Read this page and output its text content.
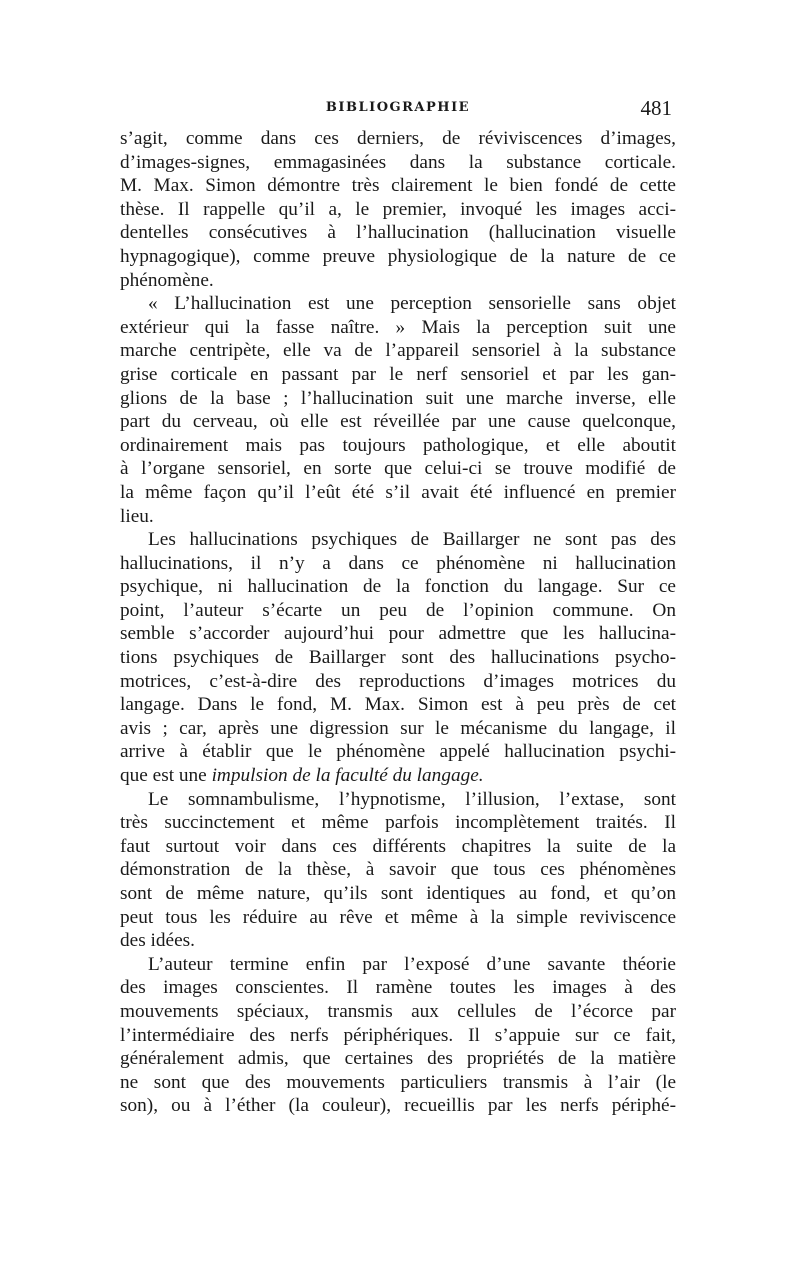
BIBLIOGRAPHIE	481
s’agit, comme dans ces derniers, de réviviscences d’images,
d’images-signes, emmagasinées dans la substance corticale.
M. Max. Simon démontre très clairement le bien fondé de cette
thèse. Il rappelle qu’il a, le premier, invoqué les images acci-
dentelles consécutives à l’hallucination (hallucination visuelle
hypnagogique), comme preuve physiologique de la nature de ce
phénomène.
« L’hallucination est une perception sensorielle sans objet
extérieur qui la fasse naître. » Mais la perception suit une
marche centripète, elle va de l’appareil sensoriel à la substance
grise corticale en passant par le nerf sensoriel et par les gan-
glions de la base ; l’hallucination suit une marche inverse, elle
part du cerveau, où elle est réveillée par une cause quelconque,
ordinairement mais pas toujours pathologique, et elle aboutit
à l’organe sensoriel, en sorte que celui-ci se trouve modifié de
la même façon qu’il l’eût été s’il avait été influencé en premier
lieu.
Les hallucinations psychiques de Baillarger ne sont pas des
hallucinations, il n’y a dans ce phénomène ni hallucination
psychique, ni hallucination de la fonction du langage. Sur ce
point, l’auteur s’écarte un peu de l’opinion commune. On
semble s’accorder aujourd’hui pour admettre que les hallucina-
tions psychiques de Baillarger sont des hallucinations psycho-
motrices, c’est-à-dire des reproductions d’images motrices du
langage. Dans le fond, M. Max. Simon est à peu près de cet
avis ; car, après une digression sur le mécanisme du langage, il
arrive à établir que le phénomène appelé hallucination psychi-
que est une impulsion de la faculté du langage.
Le somnambulisme, l’hypnotisme, l’illusion, l’extase, sont
très succinctement et même parfois incomplètement traités. Il
faut surtout voir dans ces différents chapitres la suite de la
démonstration de la thèse, à savoir que tous ces phénomènes
sont de même nature, qu’ils sont identiques au fond, et qu’on
peut tous les réduire au rêve et même à la simple reviviscence
des idées.
L’auteur termine enfin par l’exposé d’une savante théorie
des images conscientes. Il ramène toutes les images à des
mouvements spéciaux, transmis aux cellules de l’écorce par
l’intermédiaire des nerfs périphériques. Il s’appuie sur ce fait,
généralement admis, que certaines des propriétés de la matière
ne sont que des mouvements particuliers transmis à l’air (le
son), ou à l’éther (la couleur), recueillis par les nerfs périphé-
